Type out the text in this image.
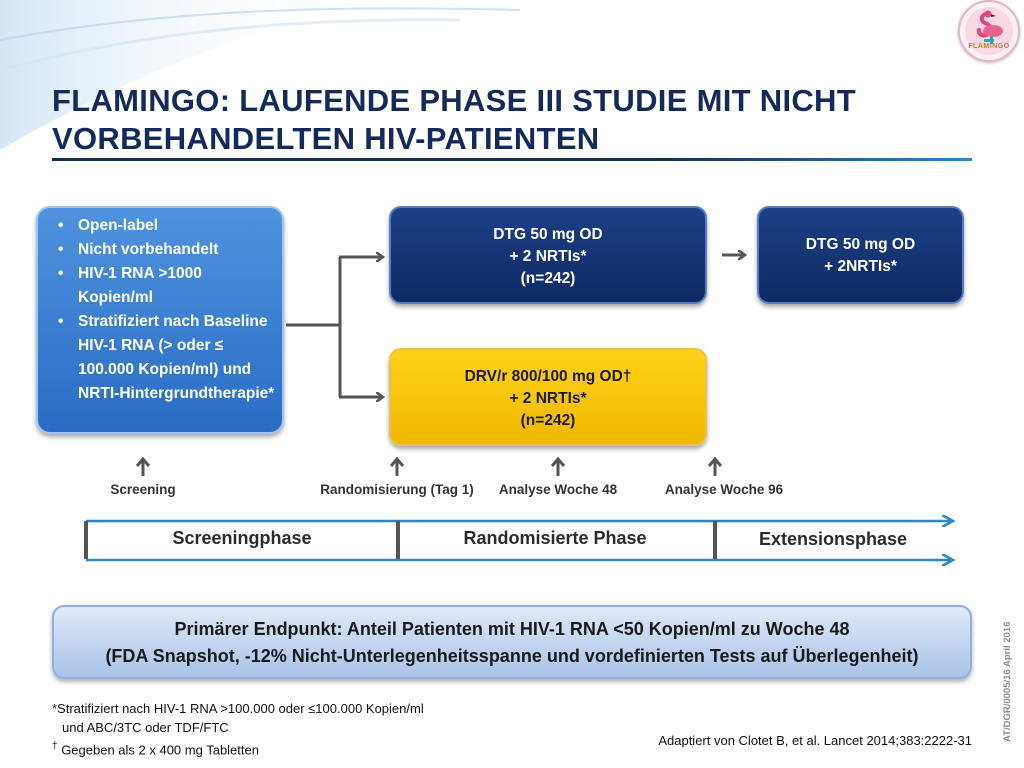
FLAMINGO
FLAMINGO: LAUFENDE PHASE III STUDIE MIT NICHT VORBEHANDELTEN HIV-PATIENTEN
• Open-label
• Nicht vorbehandelt
• HIV-1 RNA >1000 Kopien/ml
• Stratifiziert nach Baseline HIV-1 RNA (> oder ≤ 100.000 Kopien/ml) und NRTI-Hintergrundtherapie*
DTG 50 mg OD
+ 2 NRTIs*
(n=242)
DRV/r 800/100 mg OD†
+ 2 NRTIs*
(n=242)
DTG 50 mg OD
+ 2NRTIs*
Screening	Randomisierung (Tag 1)	Analyse Woche 48	Analyse Woche 96
Screeningphase	Randomisierte Phase	Extensionsphase
Primärer Endpunkt: Anteil Patienten mit HIV-1 RNA <50 Kopien/ml zu Woche 48
(FDA Snapshot, -12% Nicht-Unterlegenheitsspanne und vordefinierten Tests auf Überlegenheit)
*Stratifiziert nach HIV-1 RNA >100.000 oder ≤100.000 Kopien/ml
und ABC/3TC oder TDF/FTC
† Gegeben als 2 x 400 mg Tabletten
Adaptiert von Clotet B, et al. Lancet 2014;383:2222-31	AT/DGR/0005/16 April 2016
